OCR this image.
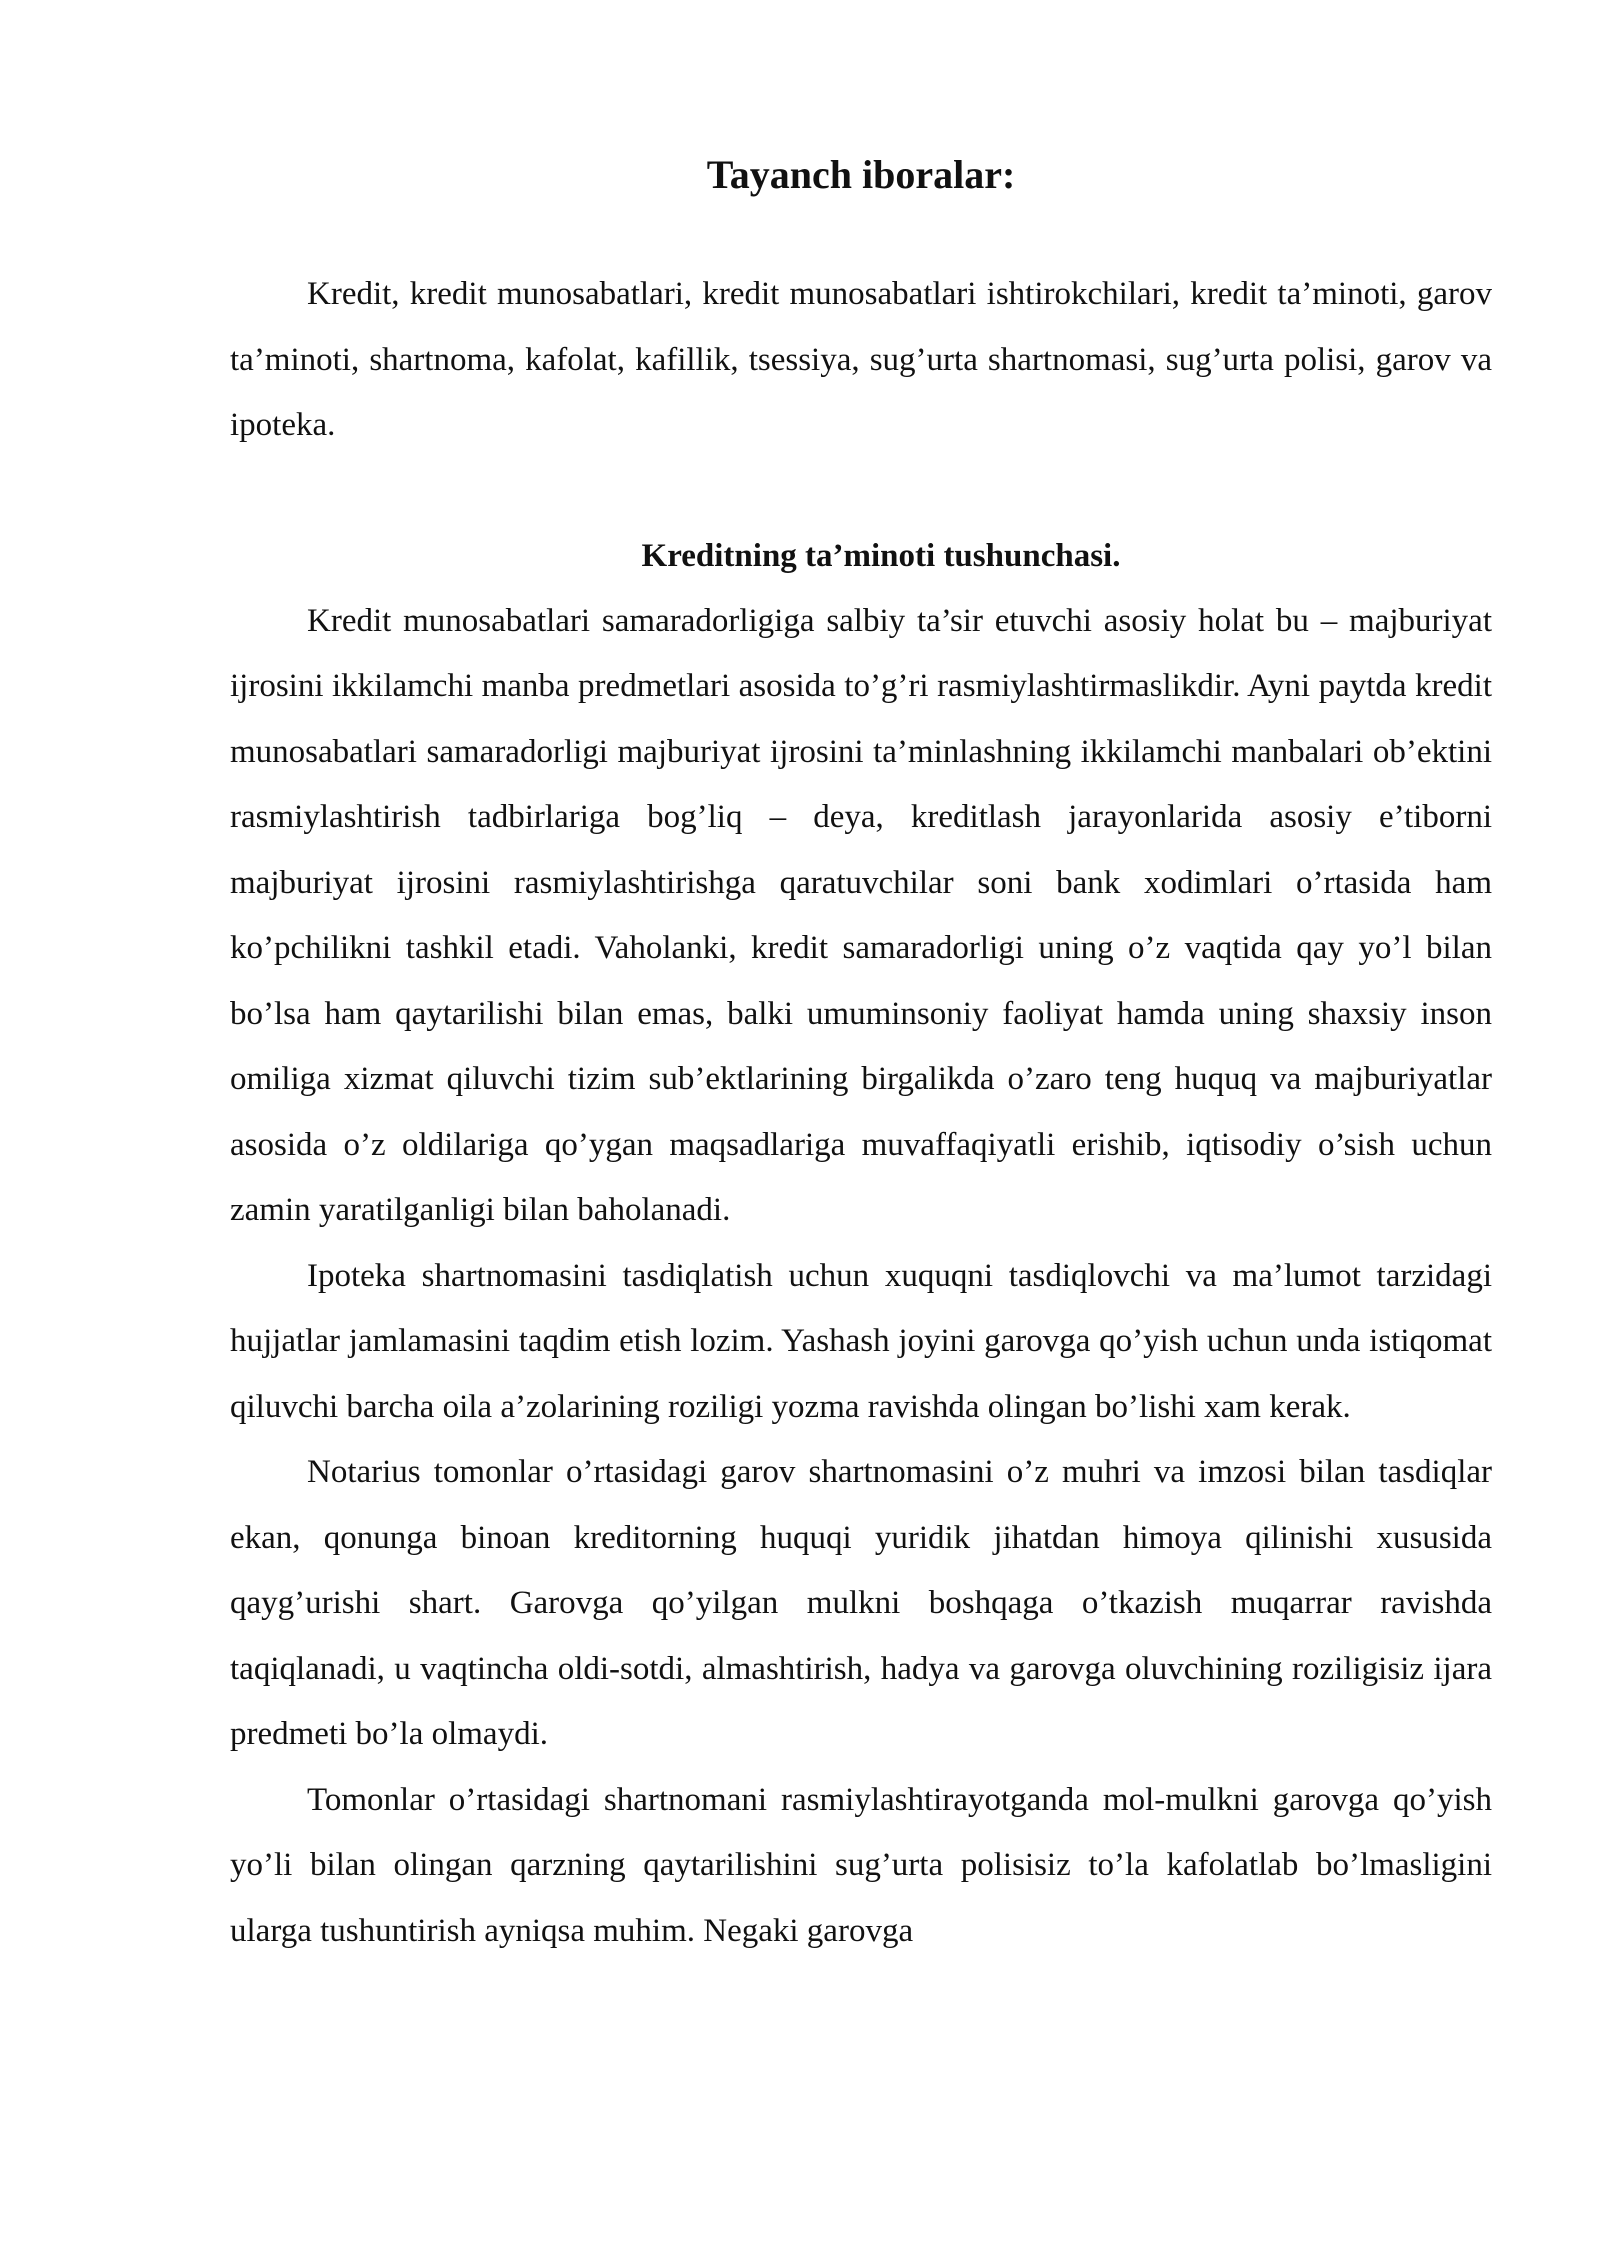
Tayanch iboralar:

Kredit, kredit munosabatlari, kredit munosabatlari ishtirokchilari, kredit ta’minoti, garov ta’minoti, shartnoma, kafolat, kafillik, tsessiya, sug’urta shartnomasi, sug’urta polisi, garov va ipoteka.

Kreditning ta’minoti tushunchasi.

Kredit munosabatlari samaradorligiga salbiy ta’sir etuvchi asosiy holat bu – majburiyat ijrosini ikkilamchi manba predmetlari asosida to’g’ri rasmiylashtirmaslikdir. Ayni paytda kredit munosabatlari samaradorligi majburiyat ijrosini ta’minlashning ikkilamchi manbalari ob’ektini rasmiylashtirish tadbirlariga bog’liq – deya, kreditlash jarayonlarida asosiy e’tiborni majburiyat ijrosini rasmiylashtirishga qaratuvchilar soni bank xodimlari o’rtasida ham ko’pchilikni tashkil etadi. Vaholanki, kredit samaradorligi uning o’z vaqtida qay yo’l bilan bo’lsa ham qaytarilishi bilan emas, balki umuminsoniy faoliyat hamda uning shaxsiy inson omiliga xizmat qiluvchi tizim sub’ektlarining birgalikda o’zaro teng huquq va majburiyatlar asosida o’z oldilariga qo’ygan maqsadlariga muvaffaqiyatli erishib, iqtisodiy o’sish uchun zamin yaratilganligi bilan baholanadi.

Ipoteka shartnomasini tasdiqlatish uchun xuquqni tasdiqlovchi va ma’lumot tarzidagi hujjatlar jamlamasini taqdim etish lozim. Yashash joyini garovga qo’yish uchun unda istiqomat qiluvchi barcha oila a’zolarining roziligi yozma ravishda olingan bo’lishi xam kerak.

Notarius tomonlar o’rtasidagi garov shartnomasini o’z muhri va imzosi bilan tasdiqlar ekan, qonunga binoan kreditorning huquqi yuridik jihatdan himoya qilinishi xususida qayg’urishi shart. Garovga qo’yilgan mulkni boshqaga o’tkazish muqarrar ravishda taqiqlanadi, u vaqtincha oldi-sotdi, almashtirish, hadya va garovga oluvchining roziligisiz ijara predmeti bo’la olmaydi.

Tomonlar o’rtasidagi shartnomani rasmiylashtirayotganda mol-mulkni garovga qo’yish yo’li bilan olingan qarzning qaytarilishini sug’urta polisisiz to’la kafolatlab bo’lmasligini ularga tushuntirish ayniqsa muhim. Negaki garovga
